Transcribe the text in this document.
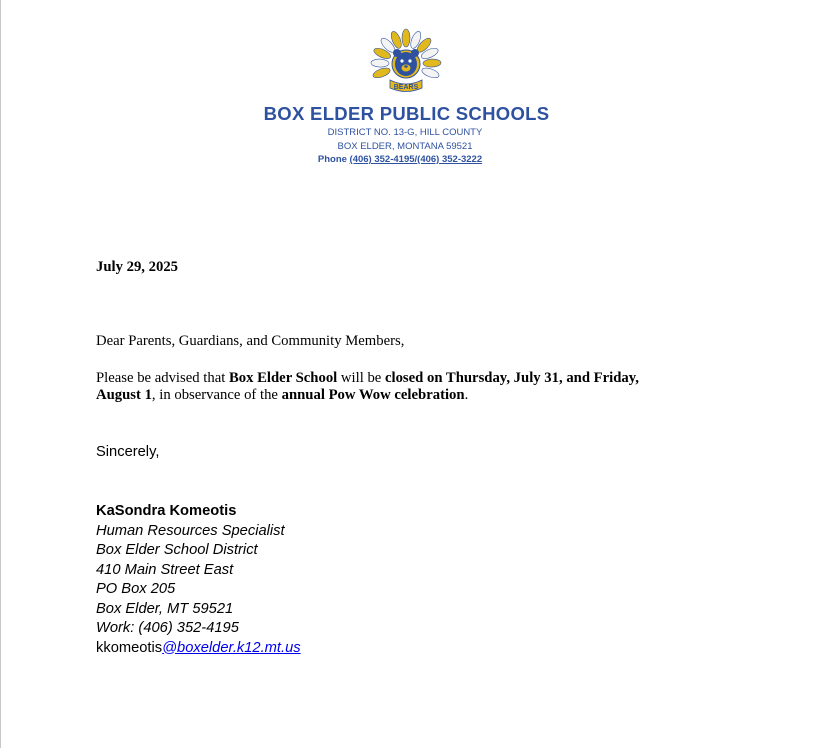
BEARS
BOX ELDER PUBLIC SCHOOLS
DISTRICT NO. 13-G, HILL COUNTY
BOX ELDER, MONTANA 59521
Phone (406) 352-4195/(406) 352-3222
July 29, 2025
Dear Parents, Guardians, and Community Members,
Please be advised that Box Elder School will be closed on Thursday, July 31, and Friday,
August 1, in observance of the annual Pow Wow celebration.
Sincerely,
KaSondra Komeotis
Human Resources Specialist
Box Elder School District
410 Main Street East
PO Box 205
Box Elder, MT 59521
Work: (406) 352-4195
kkomeotis@boxelder.k12.mt.us
